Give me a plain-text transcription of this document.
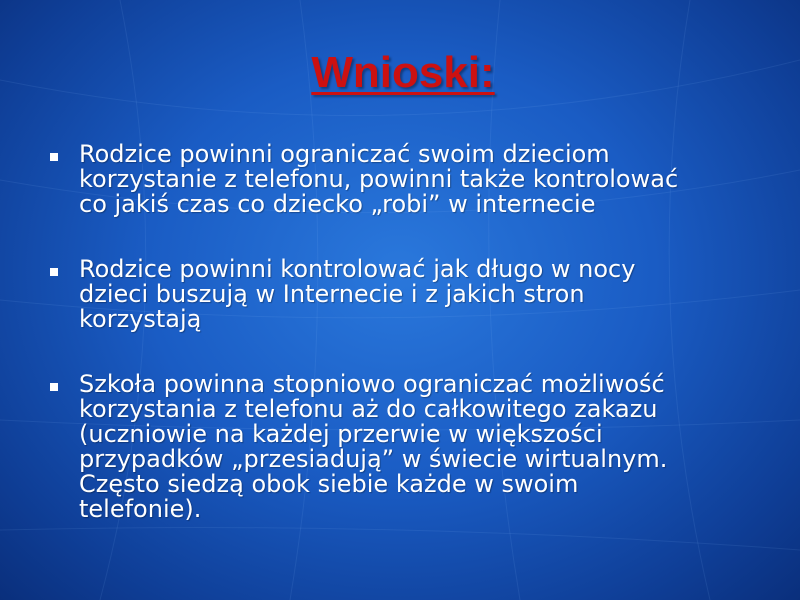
Wnioski:
Rodzice powinni ograniczać swoim dzieciom
korzystanie z telefonu, powinni także kontrolować
co jakiś czas co dziecko „robi” w internecie
Rodzice powinni kontrolować jak długo w nocy
dzieci buszują w Internecie i z jakich stron
korzystają
Szkoła powinna stopniowo ograniczać możliwość
korzystania z telefonu aż do całkowitego zakazu
(uczniowie na każdej przerwie w większości
przypadków „przesiadują” w świecie wirtualnym.
Często siedzą obok siebie każde w swoim
telefonie).
